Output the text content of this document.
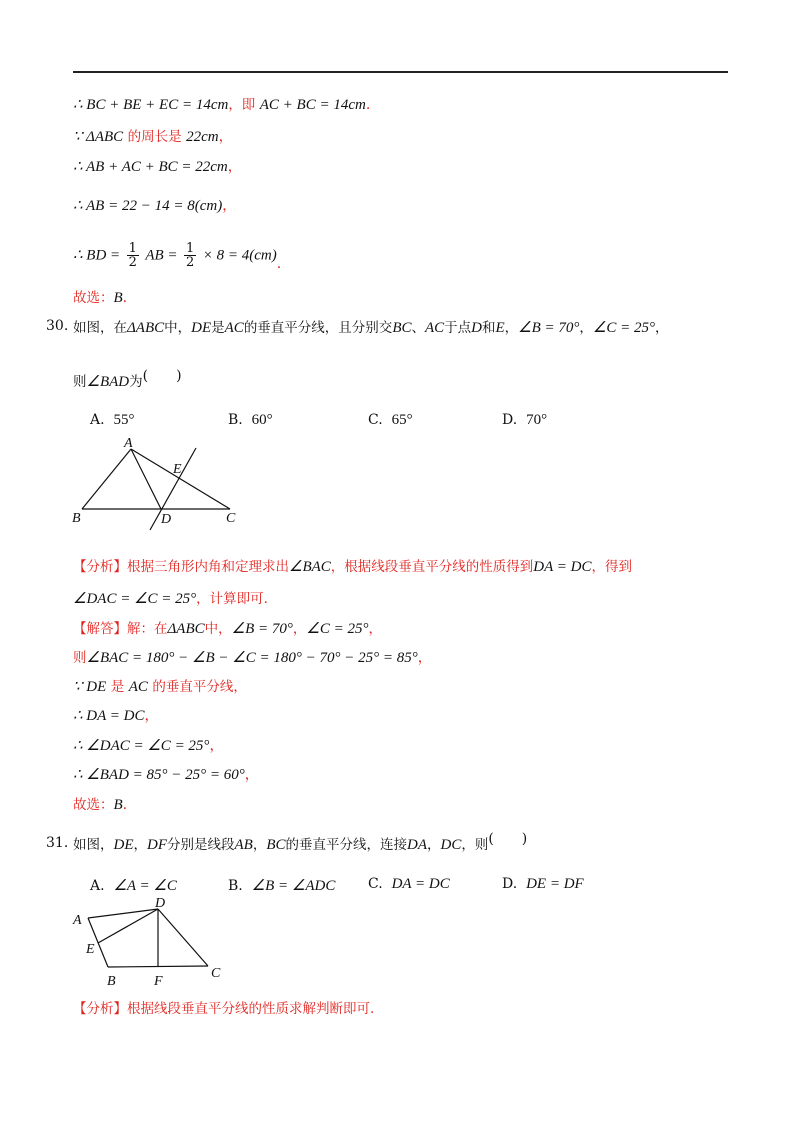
∴ BC + BE + EC = 14cm，即 AC + BC = 14cm.
∵ ΔABC 的周长是 22cm，
∴ AB + AC + BC = 22cm，
∴ AB = 22 − 14 = 8(cm)，
∴ BD = $\frac{1}{2}$ AB = $\frac{1}{2} \times 8 = 4(cm)$.
故选：B.
30. 如图，在ΔABC中，DE是AC的垂直平分线，且分别交BC、AC于点D和E，∠B = 70°，∠C = 25°，
则∠BAD为(　　)
A. 55°	B. 60°	C. 65°	D. 70°
A
B	C
D
E
【分析】根据三角形内角和定理求出∠BAC，根据线段垂直平分线的性质得到DA = DC，得到
∠DAC = ∠C = 25°，计算即可.
【解答】解：在ΔABC中，∠B = 70°，∠C = 25°，
则∠BAC = 180° − ∠B − ∠C = 180° − 70° − 25° = 85°，
∵ DE 是 AC 的垂直平分线，
∴ DA = DC，
∴ ∠DAC = ∠C = 25°，
∴ ∠BAD = 85° − 25° = 60°，
故选：B.
31. 如图，DE，DF分别是线段AB，BC的垂直平分线，连接DA，DC，则(　　)
A. ∠A = ∠C	B. ∠B = ∠ADC C. DA = DC	D. DE = DF
A
B
C
D
E
F
【分析】根据线段垂直平分线的性质求解判断即可.
